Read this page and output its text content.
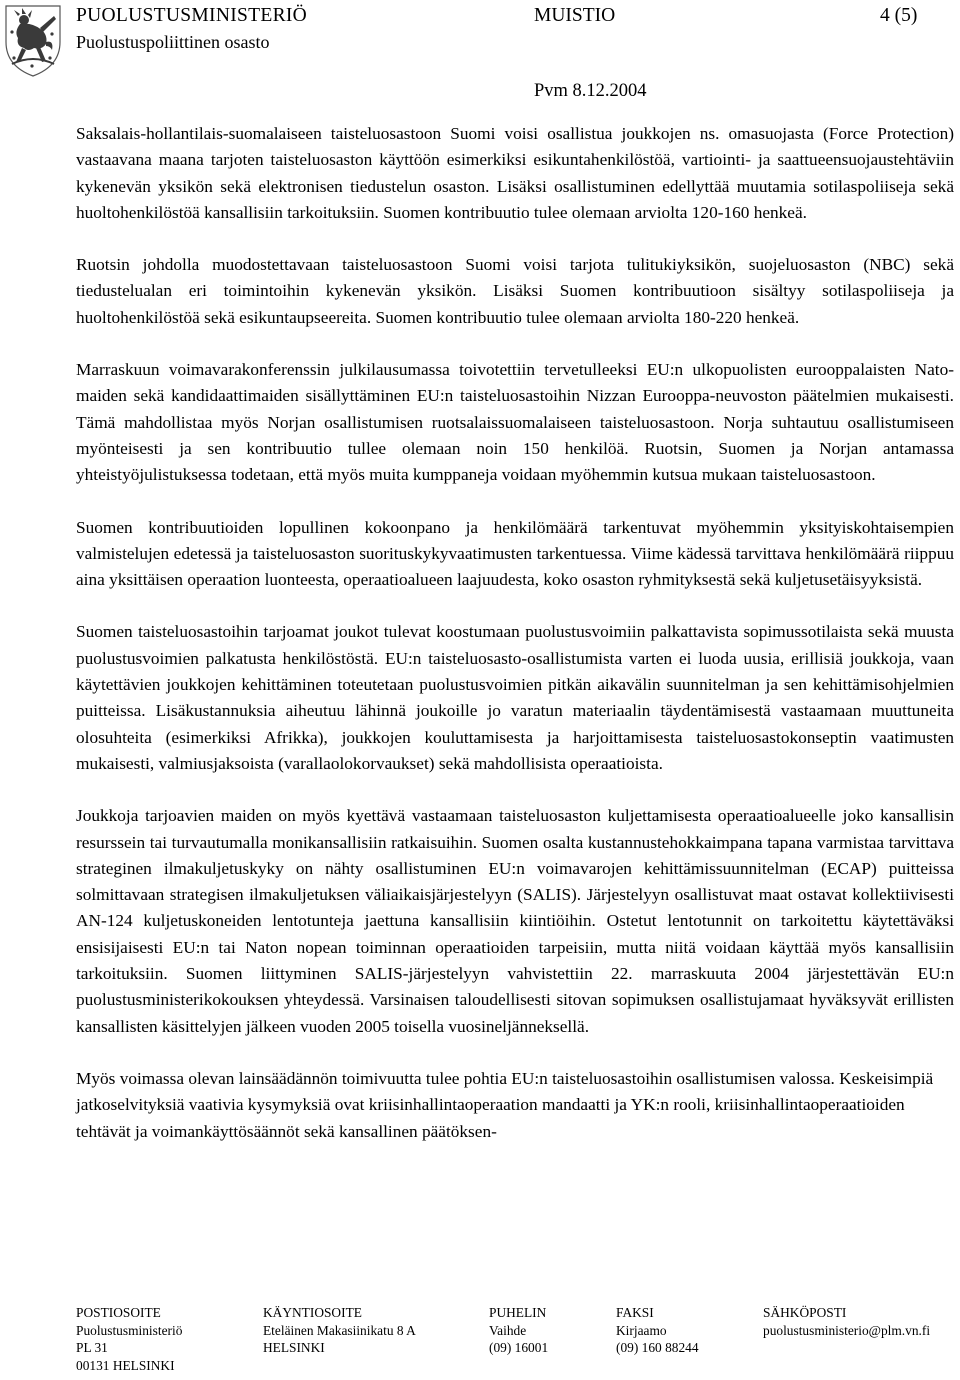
PUOLUSTUSMINISTERIÖ
Puolustuspoliittinen osasto
MUISTIO	4 (5)
Pvm 8.12.2004

Saksalais-hollantilais-suomalaiseen taisteluosastoon Suomi voisi osallistua joukkojen ns. omasuojasta (Force Protection) vastaavana maana tarjoten taisteluosaston käyttöön esimerkiksi esikuntahenkilöstöä, vartiointi- ja saattueensuojaustehtäviin kykenevän yksikön sekä elektronisen tiedustelun osaston. Lisäksi osallistuminen edellyttää muutamia sotilaspoliiseja sekä huoltohenkilöstöä kansallisiin tarkoituksiin. Suomen kontribuutio tulee olemaan arviolta 120-160 henkeä.

Ruotsin johdolla muodostettavaan taisteluosastoon Suomi voisi tarjota tulitukiyksikön, suojeluosaston (NBC) sekä tiedustelualan eri toimintoihin kykenevän yksikön. Lisäksi Suomen kontribuutioon sisältyy sotilaspoliiseja ja huoltohenkilöstöä sekä esikuntaupseereita. Suomen kontribuutio tulee olemaan arviolta 180-220 henkeä.

Marraskuun voimavarakonferenssin julkilausumassa toivotettiin tervetulleeksi EU:n ulkopuolisten eurooppalaisten Nato-maiden sekä kandidaattimaiden sisällyttäminen EU:n taisteluosastoihin Nizzan Eurooppa-neuvoston päätelmien mukaisesti. Tämä mahdollistaa myös Norjan osallistumisen ruotsalaissuomalaiseen taisteluosastoon. Norja suhtautuu osallistumiseen myönteisesti ja sen kontribuutio tullee olemaan noin 150 henkilöä. Ruotsin, Suomen ja Norjan antamassa yhteistyöjulistuksessa todetaan, että myös muita kumppaneja voidaan myöhemmin kutsua mukaan taisteluosastoon.

Suomen kontribuutioiden lopullinen kokoonpano ja henkilömäärä tarkentuvat myöhemmin yksityiskohtaisempien valmistelujen edetessä ja taisteluosaston suorituskykyvaatimusten tarkentuessa. Viime kädessä tarvittava henkilömäärä riippuu aina yksittäisen operaation luonteesta, operaatioalueen laajuudesta, koko osaston ryhmityksestä sekä kuljetusetäisyyksistä.

Suomen taisteluosastoihin tarjoamat joukot tulevat koostumaan puolustusvoimiin palkattavista sopimussotilaista sekä muusta puolustusvoimien palkatusta henkilöstöstä. EU:n taisteluosasto-osallistumista varten ei luoda uusia, erillisiä joukkoja, vaan käytettävien joukkojen kehittäminen toteutetaan puolustusvoimien pitkän aikavälin suunnitelman ja sen kehittämisohjelmien puitteissa. Lisäkustannuksia aiheutuu lähinnä joukoille jo varatun materiaalin täydentämisestä vastaamaan muuttuneita olosuhteita (esimerkiksi Afrikka), joukkojen kouluttamisesta ja harjoittamisesta taisteluosastokonseptin vaatimusten mukaisesti, valmiusjaksoista (varallaolokorvaukset) sekä mahdollisista operaatioista.

Joukkoja tarjoavien maiden on myös kyettävä vastaamaan taisteluosaston kuljettamisesta operaatioalueelle joko kansallisin resurssein tai turvautumalla monikansallisiin ratkaisuihin. Suomen osalta kustannustehokkaimpana tapana varmistaa tarvittava strateginen ilmakuljetuskyky on nähty osallistuminen EU:n voimavarojen kehittämissuunnitelman (ECAP) puitteissa solmittavaan strategisen ilmakuljetuksen väliaikaisjärjestelyyn (SALIS). Järjestelyyn osallistuvat maat ostavat kollektiivisesti AN-124 kuljetuskoneiden lentotunteja jaettuna kansallisiin kiintiöihin. Ostetut lentotunnit on tarkoitettu käytettäväksi ensisijaisesti EU:n tai Naton nopean toiminnan operaatioiden tarpeisiin, mutta niitä voidaan käyttää myös kansallisiin tarkoituksiin. Suomen liittyminen SALIS-järjestelyyn vahvistettiin 22. marraskuuta 2004 järjestettävän EU:n puolustusministerikokouksen yhteydessä. Varsinaisen taloudellisesti sitovan sopimuksen osallistujamaat hyväksyvät erillisten kansallisten käsittelyjen jälkeen vuoden 2005 toisella vuosineljänneksellä.

Myös voimassa olevan lainsäädännön toimivuutta tulee pohtia EU:n taisteluosastoihin osallistumisen valossa. Keskeisimpiä jatkoselvityksiä vaativia kysymyksiä ovat kriisinhallintaoperaation mandaatti ja YK:n rooli, kriisinhallintaoperaatioiden tehtävät ja voimankäyttösäännöt sekä kansallinen päätöksen-

POSTIOSOITE
Puolustusministeriö
PL 31
00131 HELSINKI
KÄYNTIOSOITE
Eteläinen Makasiinikatu 8 A
HELSINKI
PUHELIN
Vaihde
(09) 16001
FAKSI
Kirjaamo
(09) 160 88244
SÄHKÖPOSTI
puolustusministerio@plm.vn.fi
